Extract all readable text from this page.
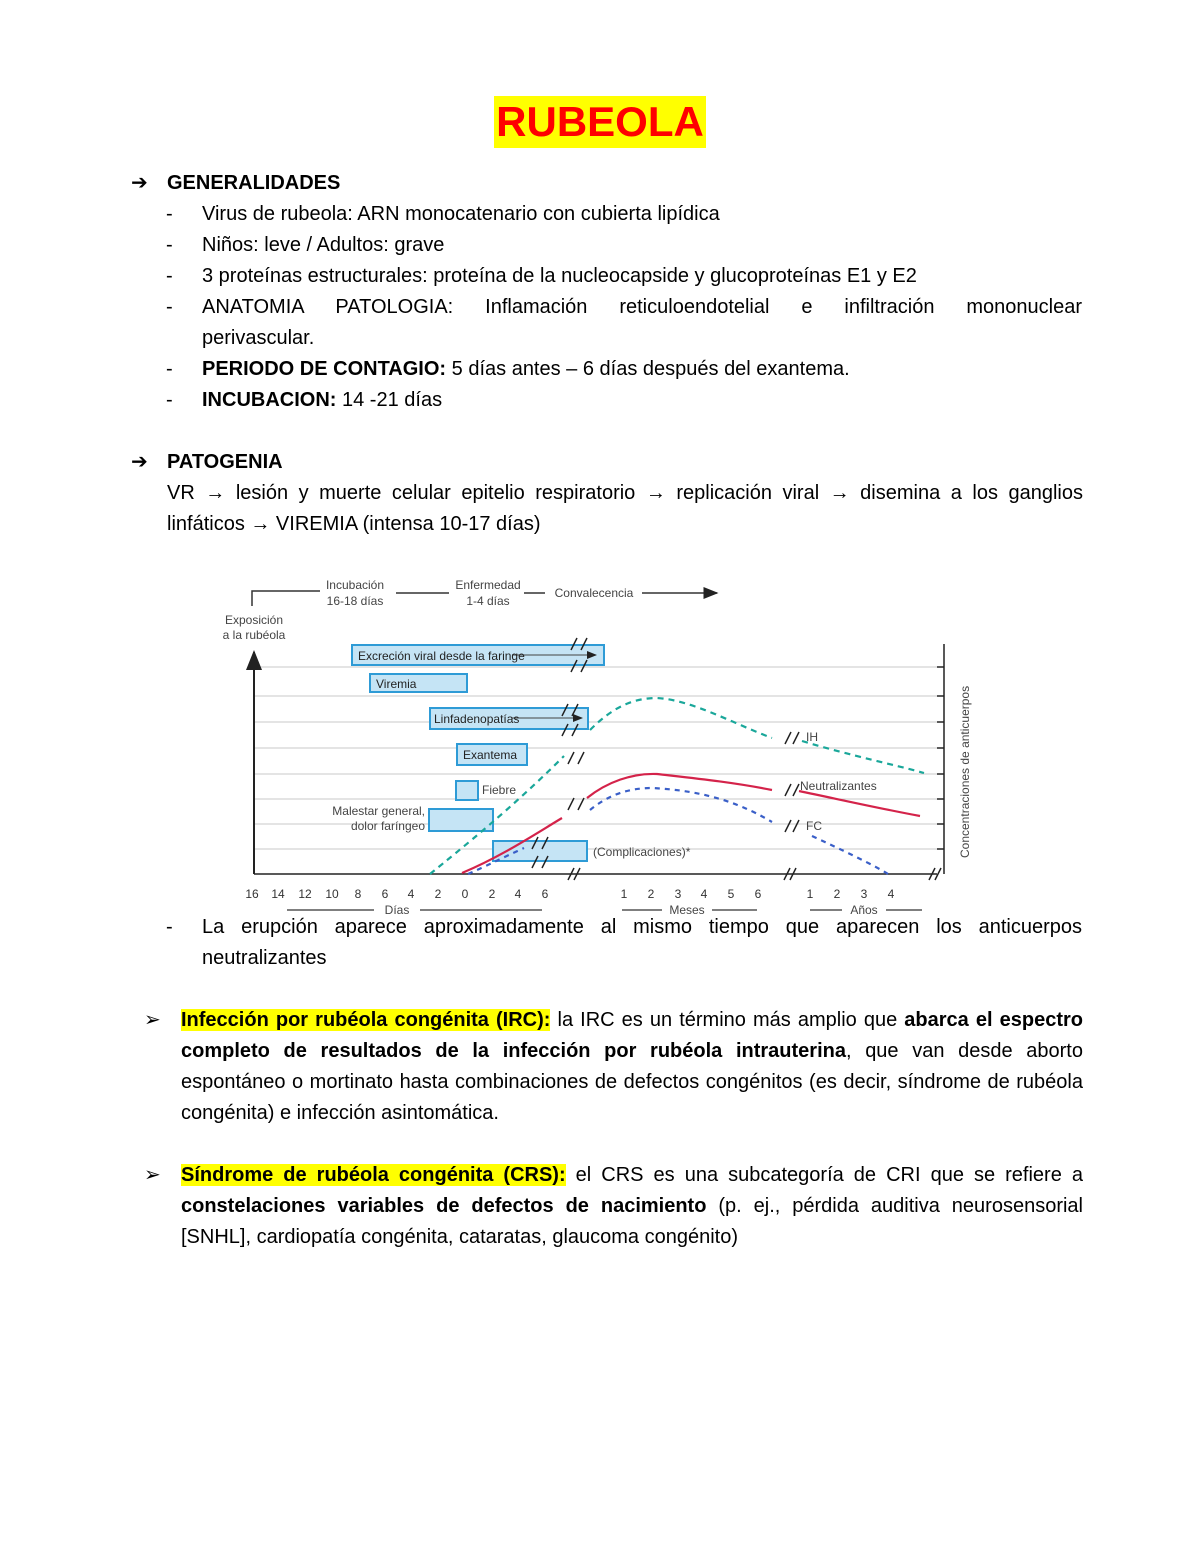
RUBEOLA
➔ GENERALIDADES
- Virus de rubeola: ARN monocatenario con cubierta lipídica
- Niños: leve / Adultos: grave
- 3 proteínas estructurales: proteína de la nucleocapside y glucoproteínas E1 y E2
- ANATOMIA PATOLOGIA: Inflamación reticuloendotelial e infiltración mononuclear
perivascular.
- PERIODO DE CONTAGIO: 5 días antes – 6 días después del exantema.
- INCUBACION: 14 -21 días
➔ PATOGENIA
VR → lesión y muerte celular epitelio respiratorio → replicación viral → disemina a los ganglios
linfáticos → VIREMIA (intensa 10-17 días)
Incubación
16-18 días
Enfermedad
1-4 días
Convalecencia
Exposición
a la rubéola
Concentraciones de anticuerpos
16 14 12 10 8 6 4 2 0 2 4 6	1 2 3 4 5 6	1 2 3 4
Días	Meses	Años
Excreción viral desde la faringe
Viremia
Linfadenopatías
Exantema
Fiebre
Malestar general,
dolor faríngeo
(Complicaciones)*
IH
Neutralizantes
FC
- La erupción aparece aproximadamente al mismo tiempo que aparecen los anticuerpos
neutralizantes
➢ Infección por rubéola congénita (IRC): la IRC es un término más amplio que abarca el espectro completo de resultados de la infección por rubéola intrauterina, que van desde aborto espontáneo o mortinato hasta combinaciones de defectos congénitos (es decir, síndrome de rubéola congénita) e infección asintomática.
➢ Síndrome de rubéola congénita (CRS): el CRS es una subcategoría de CRI que se refiere a constelaciones variables de defectos de nacimiento (p. ej., pérdida auditiva neurosensorial [SNHL], cardiopatía congénita, cataratas, glaucoma congénito)
